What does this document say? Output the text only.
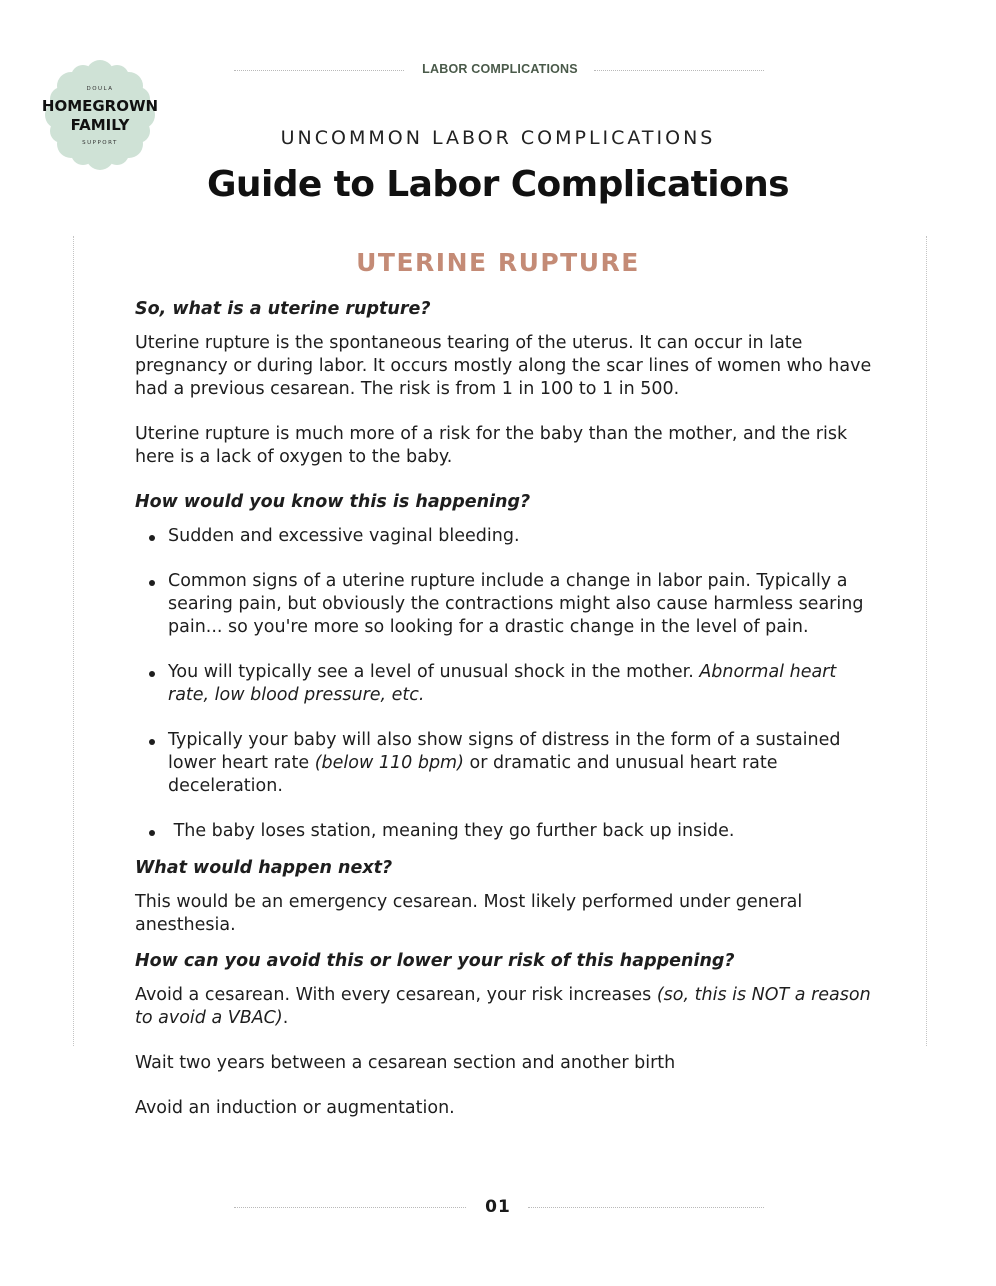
LABOR COMPLICATIONS
DOULA
HOMEGROWN
FAMILY
SUPPORT	UNCOMMON LABOR COMPLICATIONS
Guide to Labor Complications
UTERINE RUPTURE

So, what is a uterine rupture?

Uterine rupture is the spontaneous tearing of the uterus. It can occur in late pregnancy or during labor. It occurs mostly along the scar lines of women who have had a previous cesarean. The risk is from 1 in 100 to 1 in 500.

Uterine rupture is much more of a risk for the baby than the mother, and the risk here is a lack of oxygen to the baby.

How would you know this is happening?

Sudden and excessive vaginal bleeding.
Common signs of a uterine rupture include a change in labor pain. Typically a searing pain, but obviously the contractions might also cause harmless searing pain... so you're more so looking for a drastic change in the level of pain.
You will typically see a level of unusual shock in the mother. Abnormal heart rate, low blood pressure, etc.
Typically your baby will also show signs of distress in the form of a sustained lower heart rate (below 110 bpm) or dramatic and unusual heart rate deceleration.
The baby loses station, meaning they go further back up inside.

What would happen next?

This would be an emergency cesarean. Most likely performed under general anesthesia.

How can you avoid this or lower your risk of this happening?

Avoid a cesarean. With every cesarean, your risk increases (so, this is NOT a reason to avoid a VBAC).

Wait two years between a cesarean section and another birth

Avoid an induction or augmentation.

01
